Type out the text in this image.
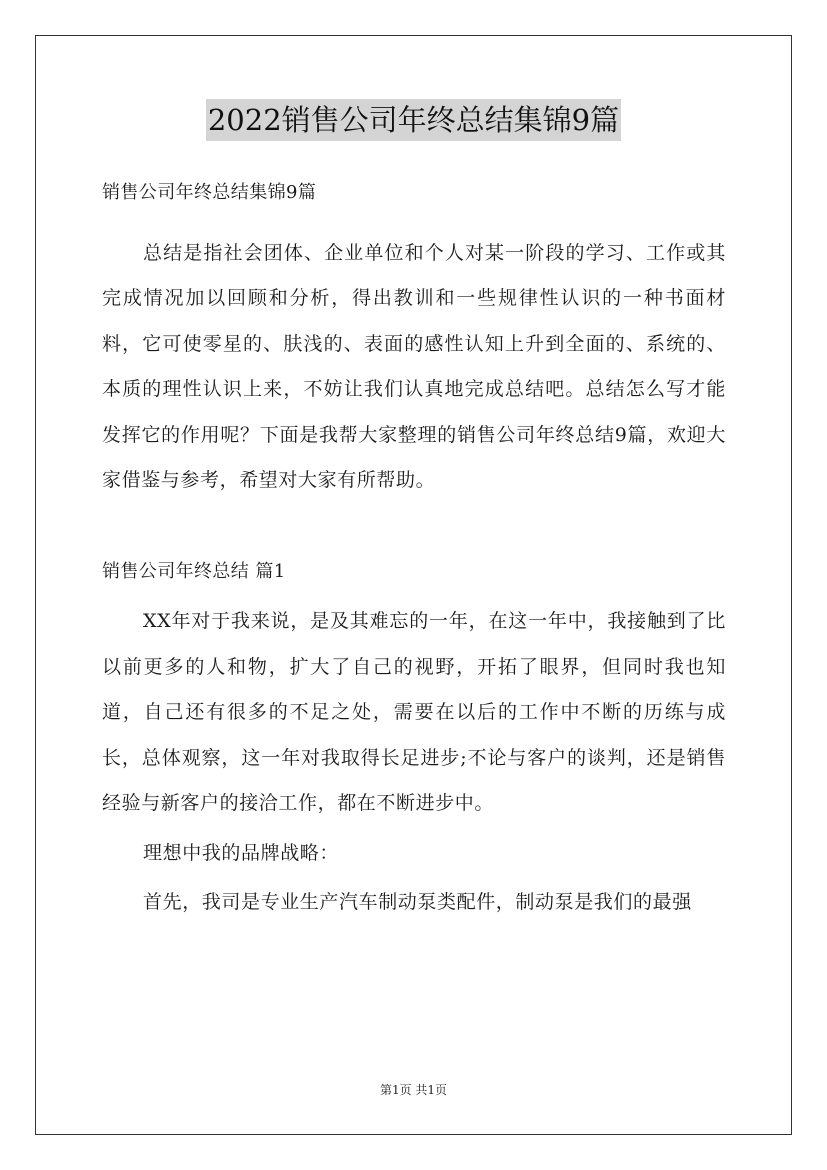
2022销售公司年终总结集锦9篇

销售公司年终总结集锦9篇

总结是指社会团体、企业单位和个人对某一阶段的学习、工作或其完成情况加以回顾和分析，得出教训和一些规律性认识的一种书面材料，它可使零星的、肤浅的、表面的感性认知上升到全面的、系统的、本质的理性认识上来，不妨让我们认真地完成总结吧。总结怎么写才能发挥它的作用呢？下面是我帮大家整理的销售公司年终总结9篇，欢迎大家借鉴与参考，希望对大家有所帮助。

销售公司年终总结 篇1

XX年对于我来说，是及其难忘的一年，在这一年中，我接触到了比以前更多的人和物，扩大了自己的视野，开拓了眼界，但同时我也知道，自己还有很多的不足之处，需要在以后的工作中不断的历练与成长，总体观察，这一年对我取得长足进步;不论与客户的谈判，还是销售经验与新客户的接洽工作，都在不断进步中。

理想中我的品牌战略：

首先，我司是专业生产汽车制动泵类配件，制动泵是我们的最强

第1页 共1页
